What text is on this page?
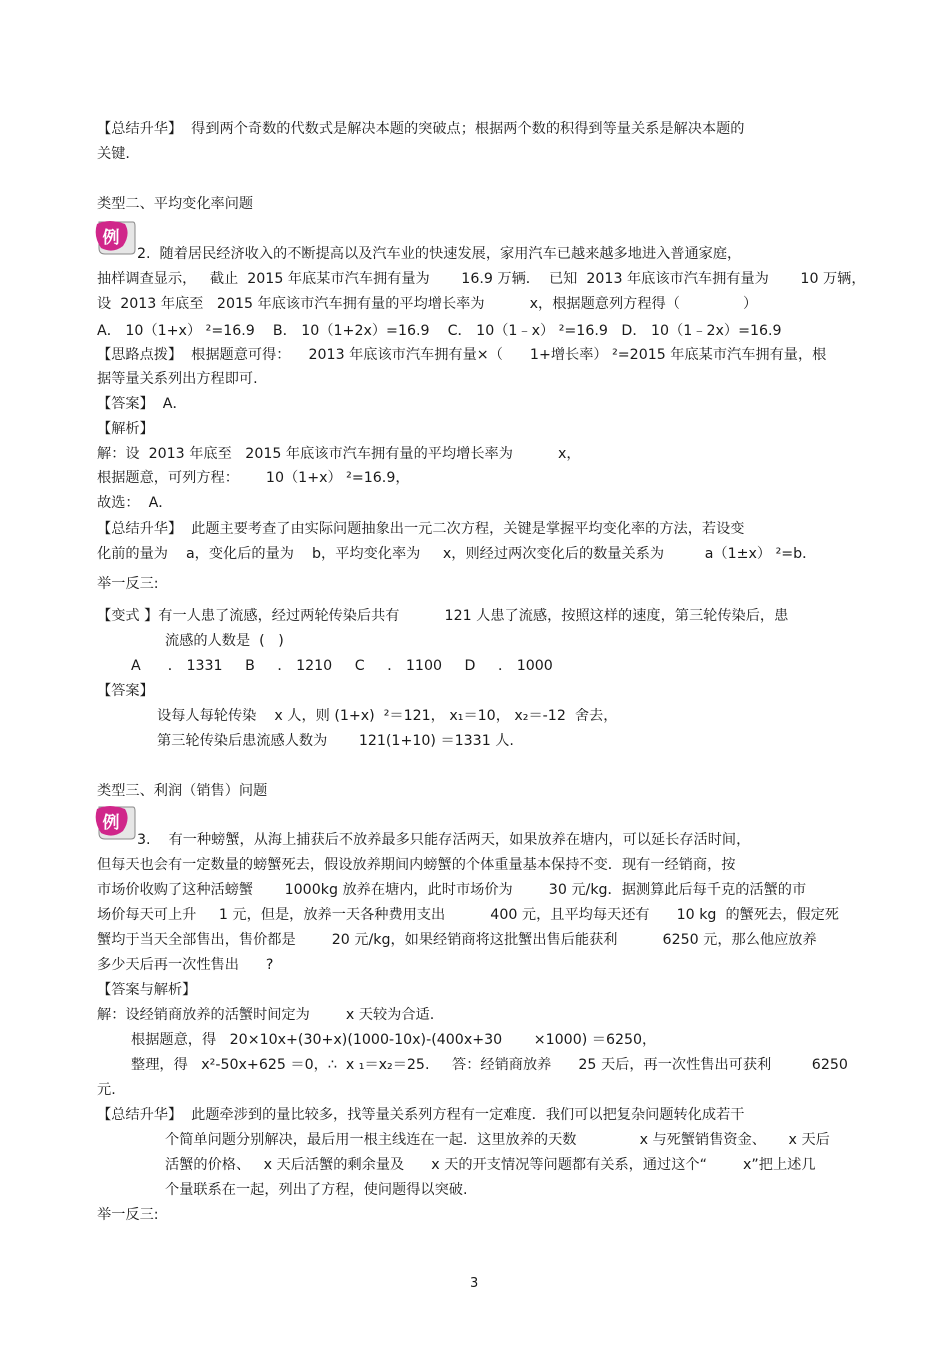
例
例
【总结升华】  得到两个奇数的代数式是解决本题的突破点；根据两个数的积得到等量关系是解决本题的
关键.
类型二、平均变化率问题
2.  随着居民经济收入的不断提高以及汽车业的快速发展，家用汽车已越来越多地进入普通家庭，
抽样调查显示，   截止  2015 年底某市汽车拥有量为       16.9 万辆．  已知  2013 年底该市汽车拥有量为       10 万辆，
设  2013 年底至   2015 年底该市汽车拥有量的平均增长率为          x，根据题意列方程得（              ）
A． 10（1+x） ²=16.9    B． 10（1+2x）=16.9    C． 10（1﹣x） ²=16.9   D． 10（1﹣2x）=16.9
【思路点拨】  根据题意可得：    2013 年底该市汽车拥有量×（      1+增长率） ²=2015 年底某市汽车拥有量，根
据等量关系列出方程即可.
【答案】  A．
【解析】
解：设  2013 年底至   2015 年底该市汽车拥有量的平均增长率为          x，
根据题意，可列方程：      10（1+x） ²=16.9，
故选：  A．
【总结升华】  此题主要考查了由实际问题抽象出一元二次方程，关键是掌握平均变化率的方法，若设变
化前的量为    a，变化后的量为    b，平均变化率为     x，则经过两次变化后的数量关系为         a（1±x） ²=b．
举一反三:
【变式 】有一人患了流感，经过两轮传染后共有          121 人患了流感，按照这样的速度，第三轮传染后，患
流感的人数是  (   )
A      ． 1331     B     ． 1210     C     ． 1100     D     ． 1000
【答案】
设每人每轮传染    x 人，则 (1+x)  ²＝121， x₁＝10， x₂＝-12  舍去，
第三轮传染后患流感人数为       121(1+10) ＝1331 人.
类型三、利润（销售）问题
3.    有一种螃蟹，从海上捕获后不放养最多只能存活两天，如果放养在塘内，可以延长存活时间，
但每天也会有一定数量的螃蟹死去，假设放养期间内螃蟹的个体重量基本保持不变．现有一经销商，按
市场价收购了这种活螃蟹       1000kg 放养在塘内，此时市场价为        30 元/kg．据测算此后每千克的活蟹的市
场价每天可上升     1 元，但是，放养一天各种费用支出          400 元，且平均每天还有      10 kg  的蟹死去，假定死
蟹均于当天全部售出，售价都是        20 元/kg，如果经销商将这批蟹出售后能获利          6250 元，那么他应放养
多少天后再一次性售出      ?
【答案与解析】
解：设经销商放养的活蟹时间定为        x 天较为合适.
根据题意，得   20×10x+(30+x)(1000-10x)-(400x+30       ×1000) ＝6250，
整理，得   x²-50x+625 ＝0，∴  x ₁＝x₂＝25.     答：经销商放养      25 天后，再一次性售出可获利         6250
元.
【总结升华】  此题牵涉到的量比较多，找等量关系列方程有一定难度．我们可以把复杂问题转化成若干
个简单问题分别解决，最后用一根主线连在一起．这里放养的天数              x 与死蟹销售资金、     x 天后
活蟹的价格、   x 天后活蟹的剩余量及      x 天的开支情况等问题都有关系，通过这个“        x”把上述几
个量联系在一起，列出了方程，使问题得以突破.
举一反三:
3
